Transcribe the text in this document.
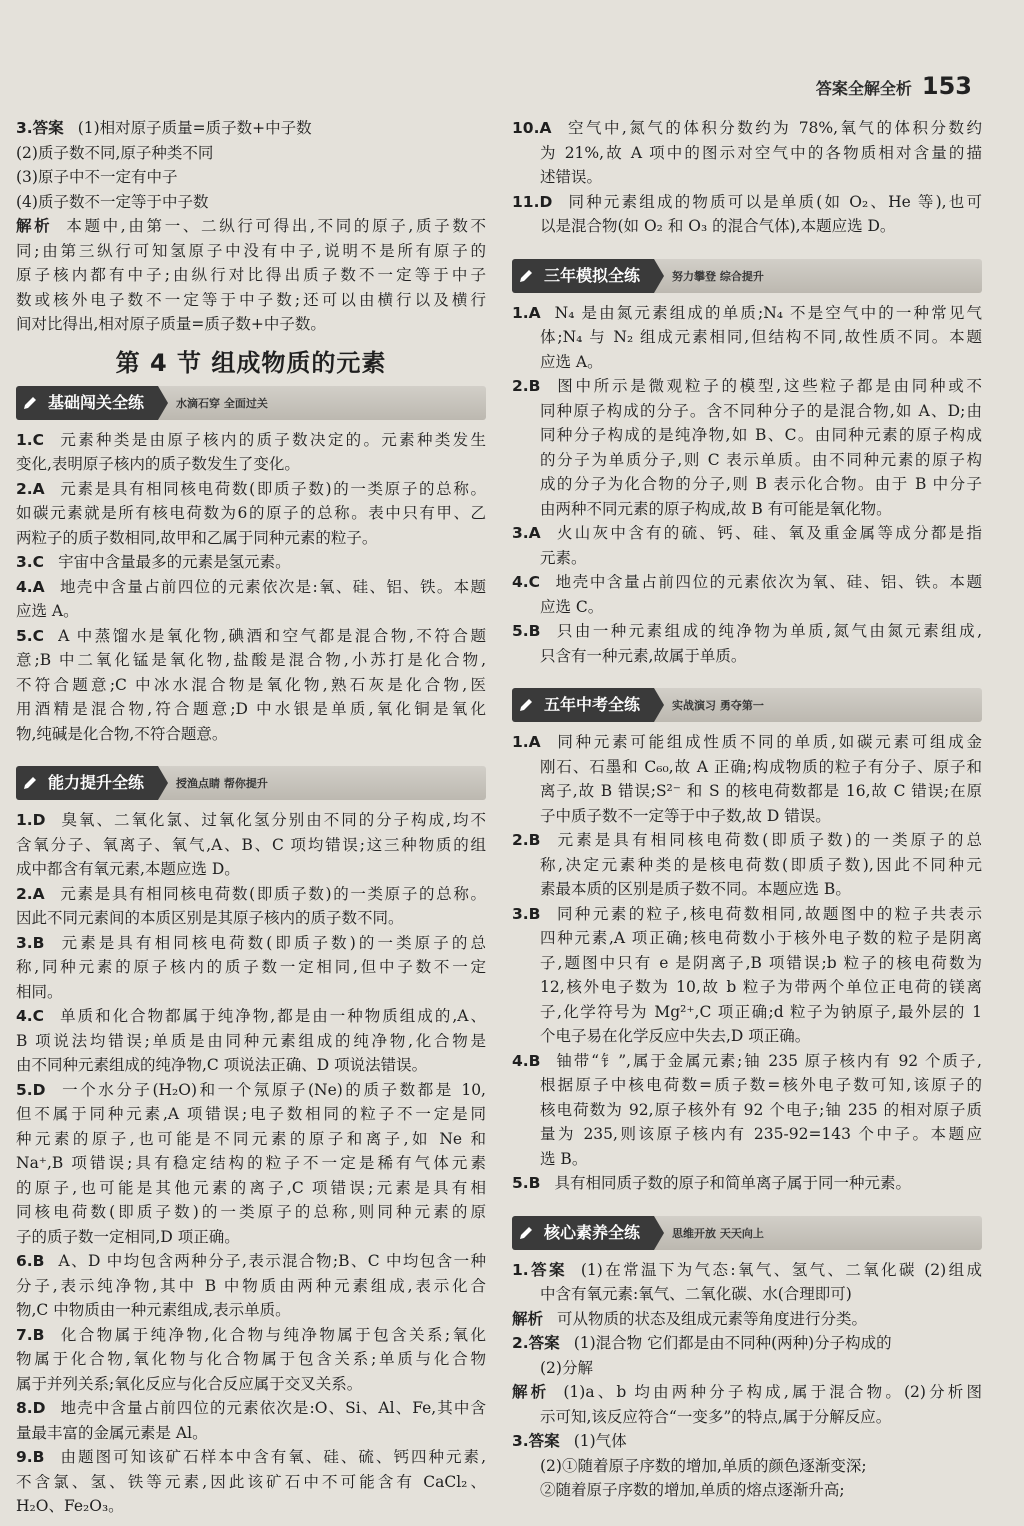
答案全解全析 153
3.答案 (1)相对原子质量=质子数+中子数
(2)质子数不同,原子种类不同
(3)原子中不一定有中子
(4)质子数不一定等于中子数
解析 本题中,由第一、二纵行可得出,不同的原子,质子数不
同;由第三纵行可知氢原子中没有中子,说明不是所有原子的
原子核内都有中子;由纵行对比得出质子数不一定等于中子
数或核外电子数不一定等于中子数;还可以由横行以及横行
间对比得出,相对原子质量=质子数+中子数。
第 4 节 组成物质的元素
基础闯关全练	水滴石穿 全面过关
1.C 元素种类是由原子核内的质子数决定的。元素种类发生
变化,表明原子核内的质子数发生了变化。
2.A 元素是具有相同核电荷数(即质子数)的一类原子的总称。
如碳元素就是所有核电荷数为6的原子的总称。表中只有甲、乙
两粒子的质子数相同,故甲和乙属于同种元素的粒子。
3.C 宇宙中含量最多的元素是氢元素。
4.A 地壳中含量占前四位的元素依次是:氧、硅、铝、铁。本题
应选 A。
5.C A 中蒸馏水是氧化物,碘酒和空气都是混合物,不符合题
意;B 中二氧化锰是氧化物,盐酸是混合物,小苏打是化合物,
不符合题意;C 中冰水混合物是氧化物,熟石灰是化合物,医
用酒精是混合物,符合题意;D 中水银是单质,氧化铜是氧化
物,纯碱是化合物,不符合题意。
能力提升全练	授渔点睛 帮你提升
1.D 臭氧、二氧化氯、过氧化氢分别由不同的分子构成,均不
含氧分子、氧离子、氧气,A、B、C 项均错误;这三种物质的组
成中都含有氧元素,本题应选 D。
2.A 元素是具有相同核电荷数(即质子数)的一类原子的总称。
因此不同元素间的本质区别是其原子核内的质子数不同。
3.B 元素是具有相同核电荷数(即质子数)的一类原子的总
称,同种元素的原子核内的质子数一定相同,但中子数不一定
相同。
4.C 单质和化合物都属于纯净物,都是由一种物质组成的,A、
B 项说法均错误;单质是由同种元素组成的纯净物,化合物是
由不同种元素组成的纯净物,C 项说法正确、D 项说法错误。
5.D 一个水分子(H₂O)和一个氖原子(Ne)的质子数都是 10,
但不属于同种元素,A 项错误;电子数相同的粒子不一定是同
种元素的原子,也可能是不同元素的原子和离子,如 Ne 和
Na⁺,B 项错误;具有稳定结构的粒子不一定是稀有气体元素
的原子,也可能是其他元素的离子,C 项错误;元素是具有相
同核电荷数(即质子数)的一类原子的总称,则同种元素的原
子的质子数一定相同,D 项正确。
6.B A、D 中均包含两种分子,表示混合物;B、C 中均包含一种
分子,表示纯净物,其中 B 中物质由两种元素组成,表示化合
物,C 中物质由一种元素组成,表示单质。
7.B 化合物属于纯净物,化合物与纯净物属于包含关系;氧化
物属于化合物,氧化物与化合物属于包含关系;单质与化合物
属于并列关系;氧化反应与化合反应属于交叉关系。
8.D 地壳中含量占前四位的元素依次是:O、Si、Al、Fe,其中含
量最丰富的金属元素是 Al。
9.B 由题图可知该矿石样本中含有氧、硅、硫、钙四种元素,
不含氯、氢、铁等元素,因此该矿石中不可能含有 CaCl₂、
H₂O、Fe₂O₃。
10.A 空气中,氮气的体积分数约为 78%,氧气的体积分数约
为 21%,故 A 项中的图示对空气中的各物质相对含量的描
述错误。
11.D 同种元素组成的物质可以是单质(如 O₂、He 等),也可
以是混合物(如 O₂ 和 O₃ 的混合气体),本题应选 D。
三年模拟全练	努力攀登 综合提升
1.A N₄ 是由氮元素组成的单质;N₄ 不是空气中的一种常见气
体;N₄ 与 N₂ 组成元素相同,但结构不同,故性质不同。本题
应选 A。
2.B 图中所示是微观粒子的模型,这些粒子都是由同种或不
同种原子构成的分子。含不同种分子的是混合物,如 A、D;由
同种分子构成的是纯净物,如 B、C。由同种元素的原子构成
的分子为单质分子,则 C 表示单质。由不同种元素的原子构
成的分子为化合物的分子,则 B 表示化合物。由于 B 中分子
由两种不同元素的原子构成,故 B 有可能是氧化物。
3.A 火山灰中含有的硫、钙、硅、氧及重金属等成分都是指
元素。
4.C 地壳中含量占前四位的元素依次为氧、硅、铝、铁。本题
应选 C。
5.B 只由一种元素组成的纯净物为单质,氮气由氮元素组成,
只含有一种元素,故属于单质。
五年中考全练	实战演习 勇夺第一
1.A 同种元素可能组成性质不同的单质,如碳元素可组成金
刚石、石墨和 C₆₀,故 A 正确;构成物质的粒子有分子、原子和
离子,故 B 错误;S²⁻ 和 S 的核电荷数都是 16,故 C 错误;在原
子中质子数不一定等于中子数,故 D 错误。
2.B 元素是具有相同核电荷数(即质子数)的一类原子的总
称,决定元素种类的是核电荷数(即质子数),因此不同种元
素最本质的区别是质子数不同。本题应选 B。
3.B 同种元素的粒子,核电荷数相同,故题图中的粒子共表示
四种元素,A 项正确;核电荷数小于核外电子数的粒子是阴离
子,题图中只有 e 是阴离子,B 项错误;b 粒子的核电荷数为
12,核外电子数为 10,故 b 粒子为带两个单位正电荷的镁离
子,化学符号为 Mg²⁺,C 项正确;d 粒子为钠原子,最外层的 1
个电子易在化学反应中失去,D 项正确。
4.B 铀带“钅”,属于金属元素;铀 235 原子核内有 92 个质子,
根据原子中核电荷数=质子数=核外电子数可知,该原子的
核电荷数为 92,原子核外有 92 个电子;铀 235 的相对原子质
量为 235,则该原子核内有 235-92=143 个中子。本题应
选 B。
5.B 具有相同质子数的原子和简单离子属于同一种元素。
核心素养全练	思维开放 天天向上
1.答案 (1)在常温下为气态:氧气、氢气、二氧化碳 (2)组成
中含有氧元素:氧气、二氧化碳、水(合理即可)
解析 可从物质的状态及组成元素等角度进行分类。
2.答案 (1)混合物 它们都是由不同种(两种)分子构成的
(2)分解
解析 (1)a、b 均由两种分子构成,属于混合物。(2)分析图
示可知,该反应符合“一变多”的特点,属于分解反应。
3.答案 (1)气体
(2)①随着原子序数的增加,单质的颜色逐渐变深;
②随着原子序数的增加,单质的熔点逐渐升高;
